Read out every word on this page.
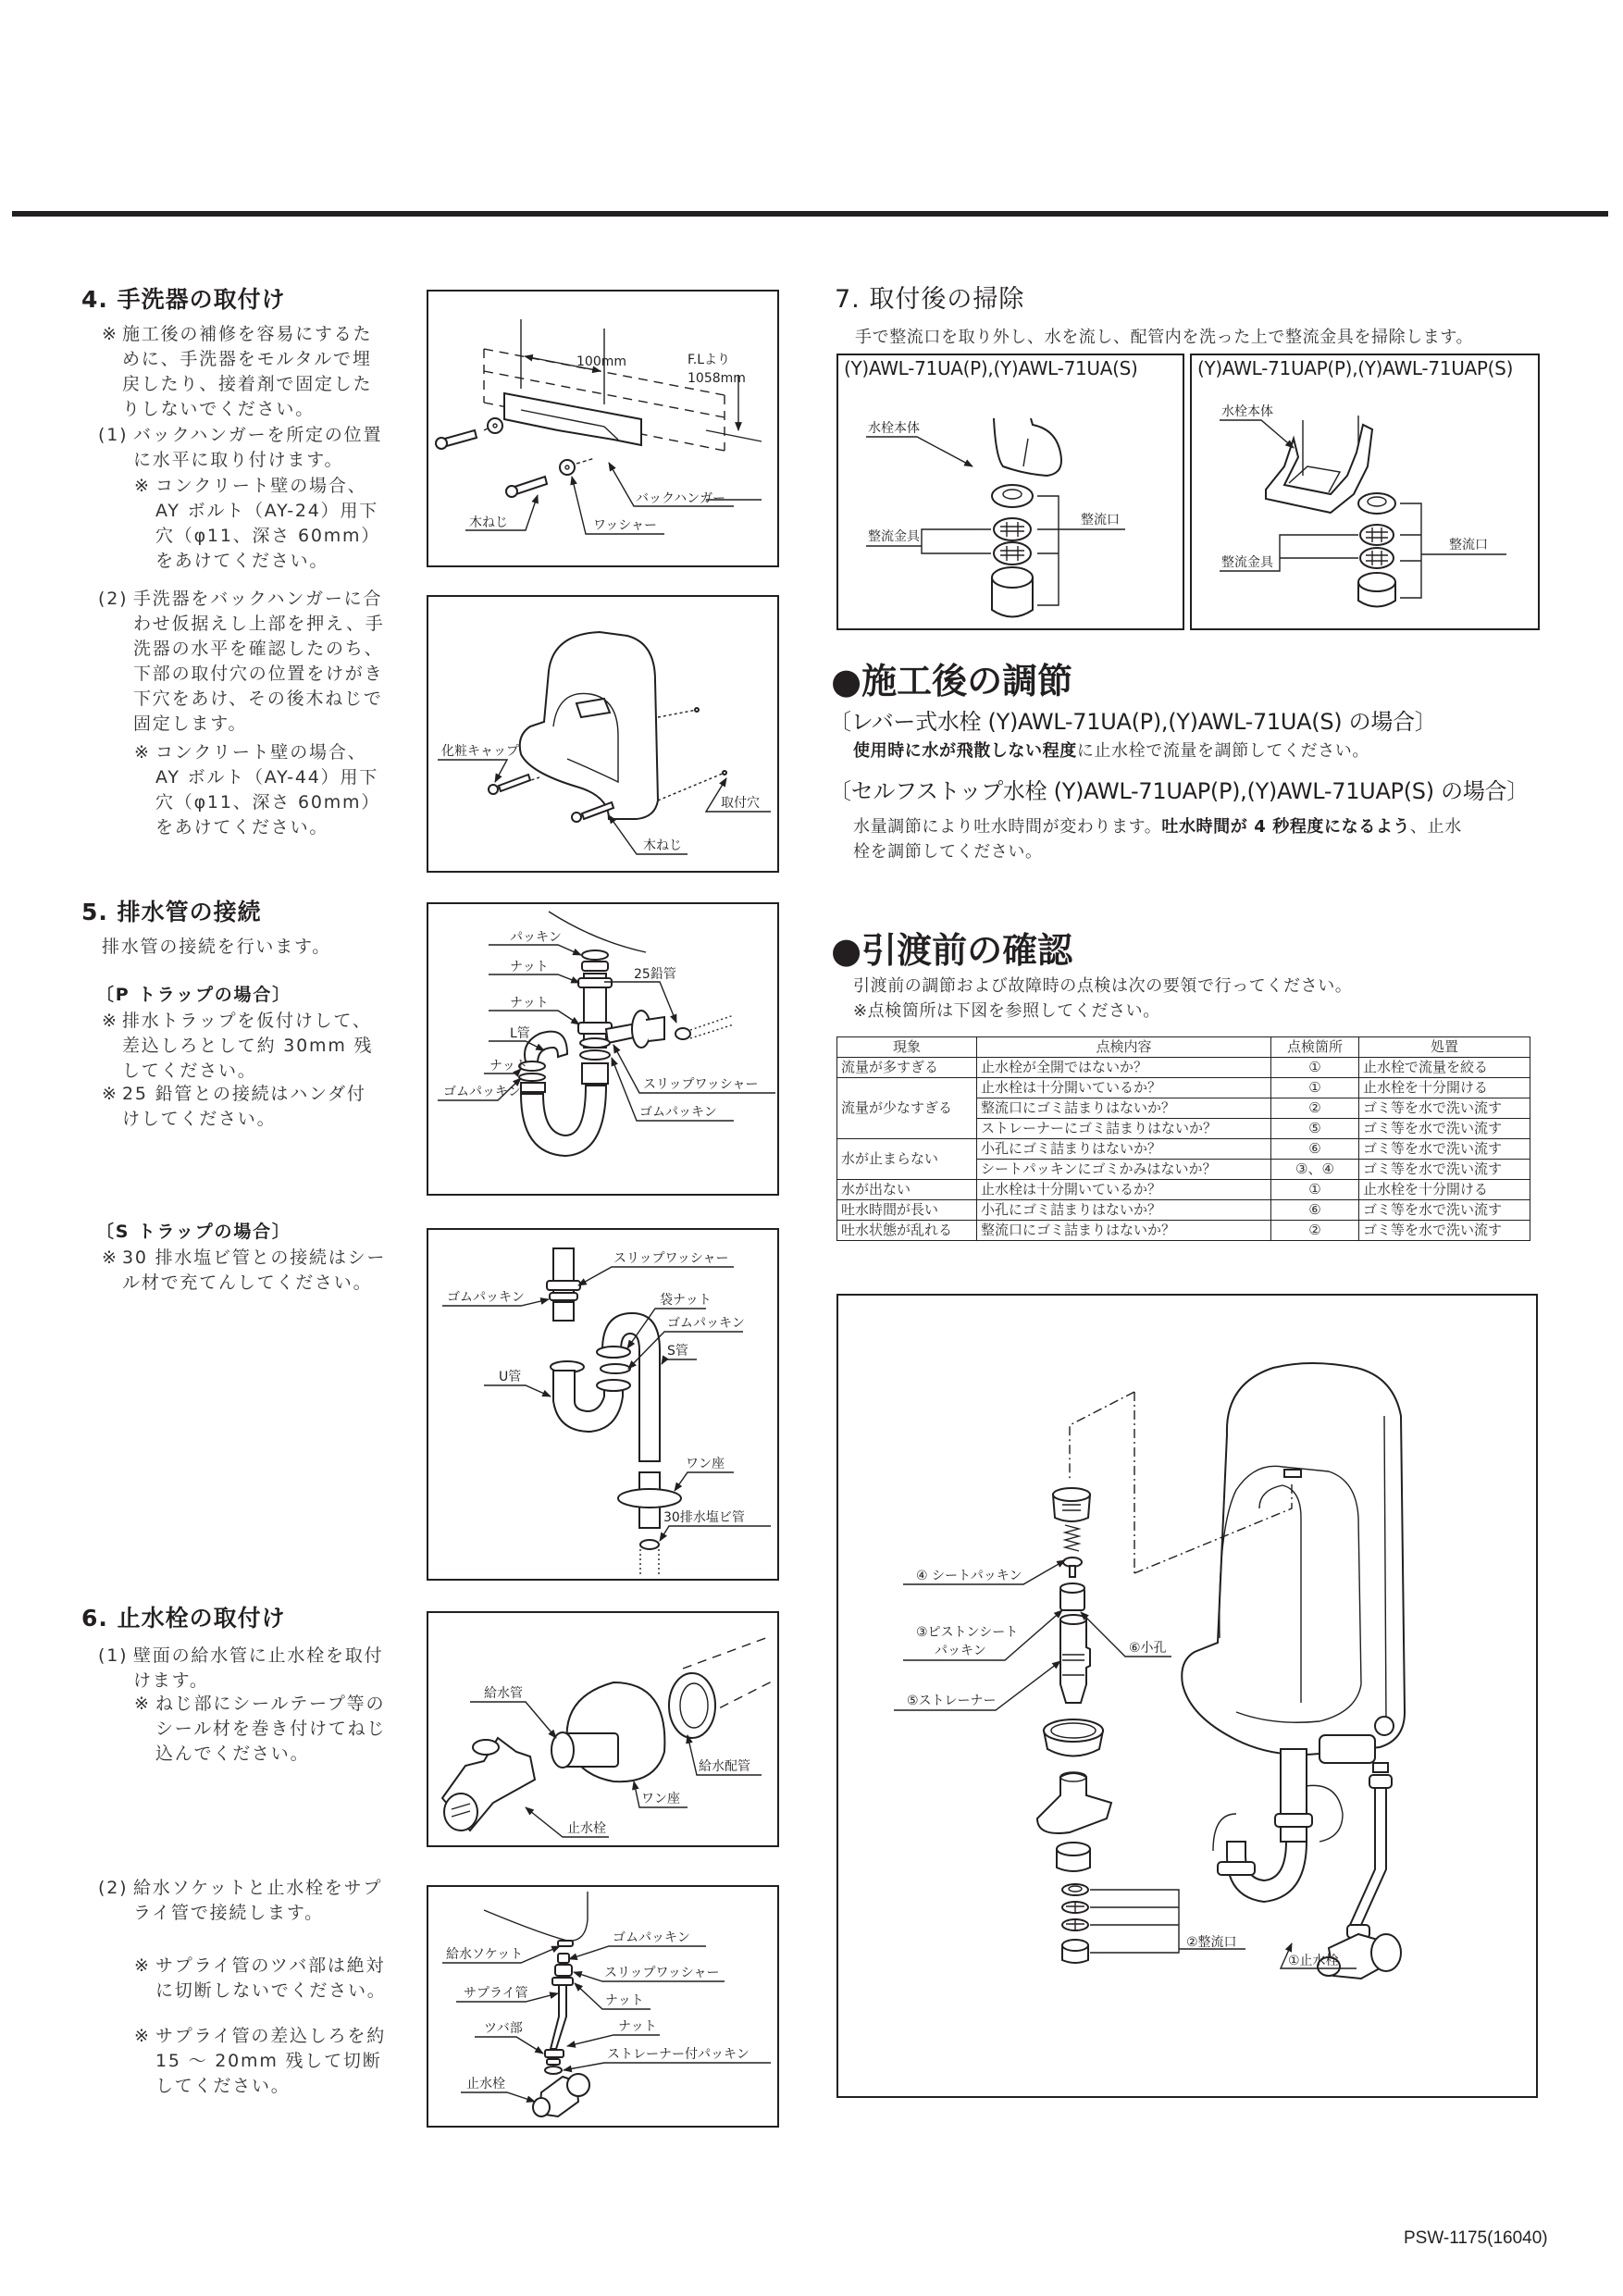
4. 手洗器の取付け
※ 施工後の補修を容易にするた
めに、手洗器をモルタルで埋
戻したり、接着剤で固定した
りしないでください。
(1) バックハンガーを所定の位置
に水平に取り付けます。
※ コンクリート壁の場合、
AY ボルト（AY-24）用下
穴（φ11、深さ 60mm）
をあけてください。
(2) 手洗器をバックハンガーに合
わせ仮据えし上部を押え、手
洗器の水平を確認したのち、
下部の取付穴の位置をけがき
下穴をあけ、その後木ねじで
固定します。
※ コンクリート壁の場合、
AY ボルト（AY-44）用下
穴（φ11、深さ 60mm）
をあけてください。
100mm	F.Lより
1058mm
バックハンガー
木ねじ	ワッシャー
化粧キャップ
取付穴
木ねじ
5. 排水管の接続
排水管の接続を行います。
〔P トラップの場合〕
※ 排水トラップを仮付けして、
差込しろとして約 30mm 残
してください。
※ 25 鉛管との接続はハンダ付
けしてください。
〔S トラップの場合〕
※ 30 排水塩ビ管との接続はシー
ル材で充てんしてください。
パッキン
ナット	25鉛管
ナット
L管
ナット
スリップワッシャー
ゴムパッキン
ゴムパッキン
スリップワッシャー
ゴムパッキン	袋ナット
ゴムパッキン
S管
U管
ワン座
30排水塩ビ管
6. 止水栓の取付け
(1) 壁面の給水管に止水栓を取付
けます。
※ ねじ部にシールテープ等の
シール材を巻き付けてねじ
込んでください。
(2) 給水ソケットと止水栓をサプ
ライ管で接続します。
※ サプライ管のツバ部は絶対
に切断しないでください。
※ サプライ管の差込しろを約
15 ～ 20mm 残して切断
してください。
給水管
給水配管
ワン座
止水栓
ゴムパッキン
給水ソケット
スリップワッシャー
サプライ管	ナット
ツバ部	ナット
ストレーナー付パッキン
止水栓
7. 取付後の掃除
手で整流口を取り外し、水を流し、配管内を洗った上で整流金具を掃除します。
(Y)AWL-71UA(P),(Y)AWL-71UA(S)
水栓本体
整流金具
整流口
(Y)AWL-71UAP(P),(Y)AWL-71UAP(S)
水栓本体
整流金具
整流口
●施工後の調節
〔レバー式水栓 (Y)AWL-71UA(P),(Y)AWL-71UA(S) の場合〕
使用時に水が飛散しない程度に止水栓で流量を調節してください。
〔セルフストップ水栓 (Y)AWL-71UAP(P),(Y)AWL-71UAP(S) の場合〕
水量調節により吐水時間が変わります。吐水時間が 4 秒程度になるよう、止水
栓を調節してください。
●引渡前の確認
引渡前の調節および故障時の点検は次の要領で行ってください。
※点検箇所は下図を参照してください。
現象	点検内容	点検箇所	処置
流量が多すぎる	止水栓が全開ではないか？	①	止水栓で流量を絞る
流量が少なすぎる	止水栓は十分開いているか？	①	止水栓を十分開ける
	整流口にゴミ詰まりはないか？	②	ゴミ等を水で洗い流す
	ストレーナーにゴミ詰まりはないか？	⑤	ゴミ等を水で洗い流す
水が止まらない	小孔にゴミ詰まりはないか？	⑥	ゴミ等を水で洗い流す
	シートパッキンにゴミかみはないか？	③、④	ゴミ等を水で洗い流す
水が出ない	止水栓は十分開いているか？	①	止水栓を十分開ける
吐水時間が長い	小孔にゴミ詰まりはないか？	⑥	ゴミ等を水で洗い流す
吐水状態が乱れる	整流口にゴミ詰まりはないか？	②	ゴミ等を水で洗い流す
④ シートパッキン
③ピストンシート
パッキン	⑥小孔
⑤ストレーナー
②整流口
①止水栓
PSW-1175(16040)
